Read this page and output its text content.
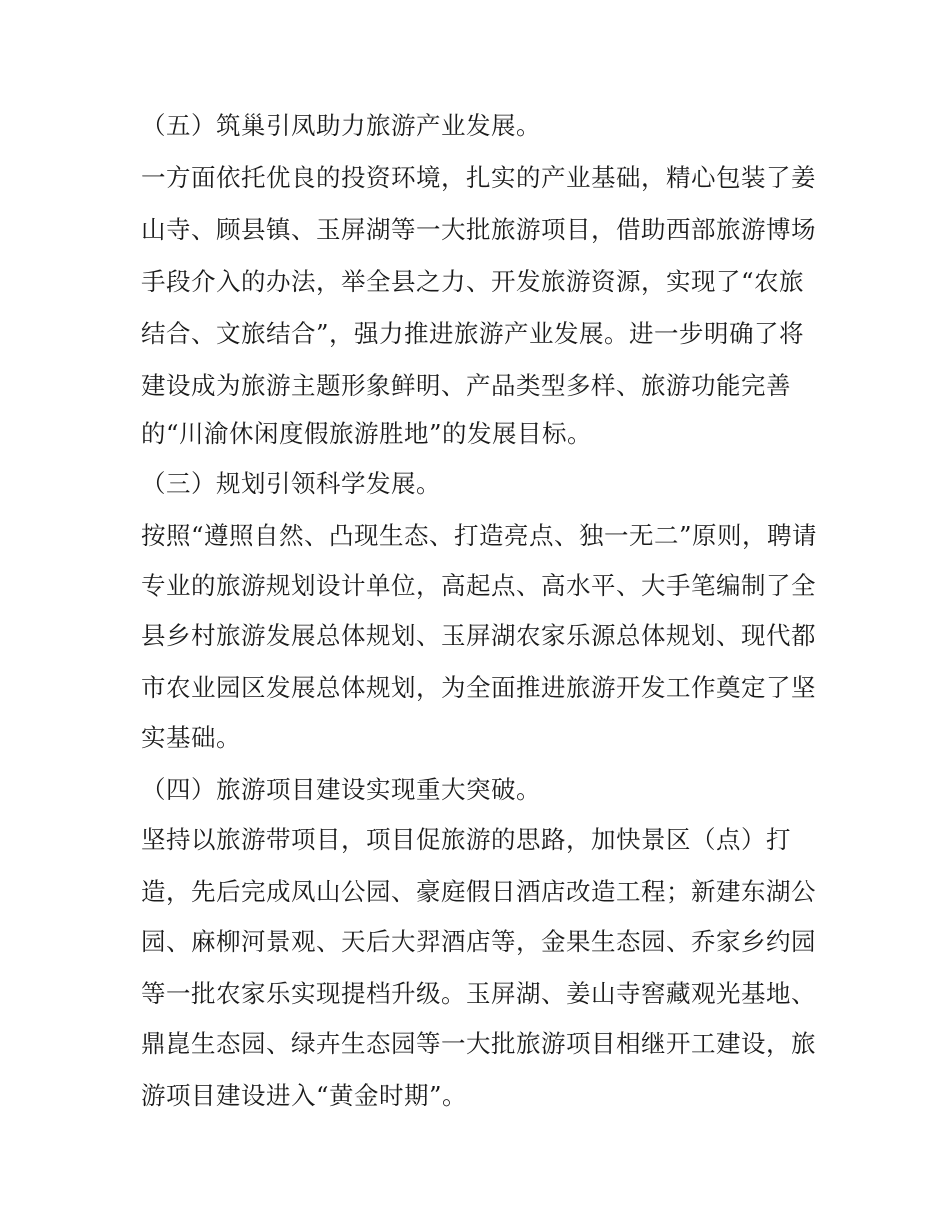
（五）筑巢引凤助力旅游产业发展。
一方面依托优良的投资环境，扎实的产业基础，精心包装了姜
山寺、顾县镇、玉屏湖等一大批旅游项目，借助西部旅游博场
手段介入的办法，举全县之力、开发旅游资源，实现了“农旅
结合、文旅结合”，强力推进旅游产业发展。进一步明确了将
建设成为旅游主题形象鲜明、产品类型多样、旅游功能完善
的“川渝休闲度假旅游胜地”的发展目标。
（三）规划引领科学发展。
按照“遵照自然、凸现生态、打造亮点、独一无二”原则，聘请
专业的旅游规划设计单位，高起点、高水平、大手笔编制了全
县乡村旅游发展总体规划、玉屏湖农家乐源总体规划、现代都
市农业园区发展总体规划，为全面推进旅游开发工作奠定了坚
实基础。
（四）旅游项目建设实现重大突破。
坚持以旅游带项目，项目促旅游的思路，加快景区（点）打
造，先后完成凤山公园、豪庭假日酒店改造工程；新建东湖公
园、麻柳河景观、天后大羿酒店等，金果生态园、乔家乡约园
等一批农家乐实现提档升级。玉屏湖、姜山寺窖藏观光基地、
鼎崑生态园、绿卉生态园等一大批旅游项目相继开工建设，旅
游项目建设进入“黄金时期”。
